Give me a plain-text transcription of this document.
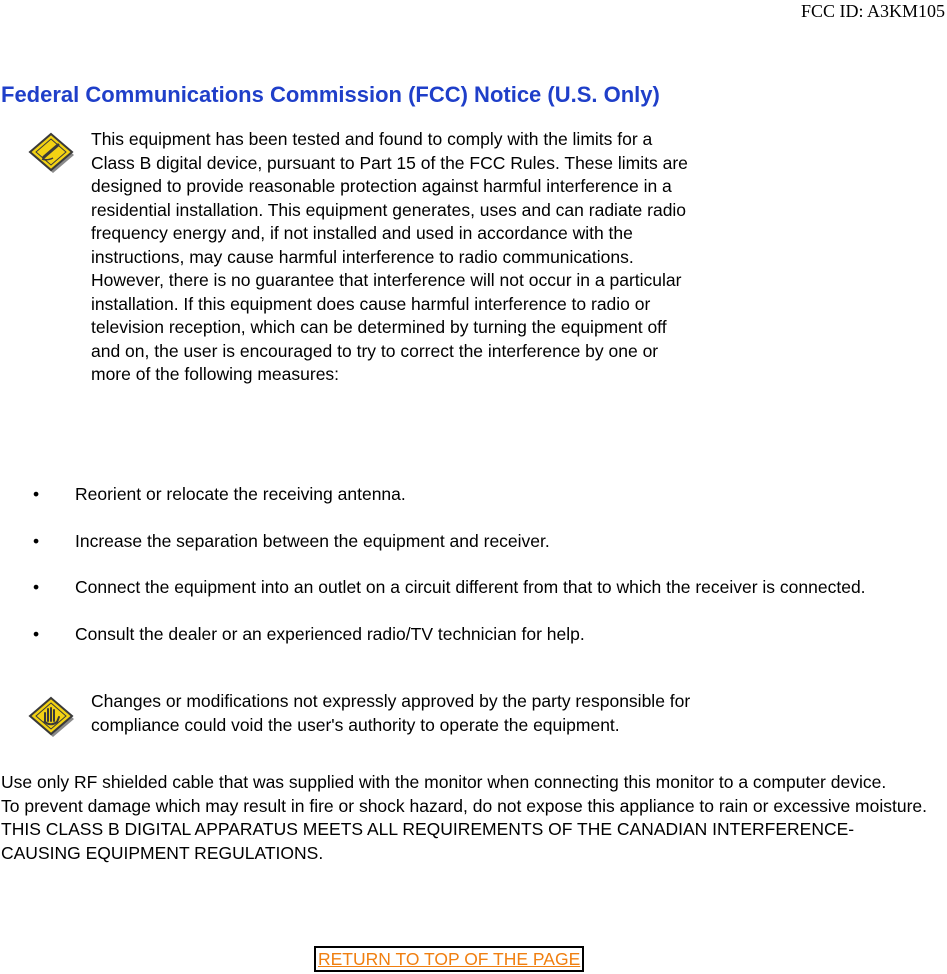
FCC ID: A3KM105
Federal Communications Commission (FCC) Notice (U.S. Only)

This equipment has been tested and found to comply with the limits for a Class B digital device, pursuant to Part 15 of the FCC Rules. These limits are designed to provide reasonable protection against harmful interference in a residential installation. This equipment generates, uses and can radiate radio frequency energy and, if not installed and used in accordance with the instructions, may cause harmful interference to radio communications. However, there is no guarantee that interference will not occur in a particular installation. If this equipment does cause harmful interference to radio or television reception, which can be determined by turning the equipment off and on, the user is encouraged to try to correct the interference by one or more of the following measures:

• Reorient or relocate the receiving antenna.
• Increase the separation between the equipment and receiver.
• Connect the equipment into an outlet on a circuit different from that to which the receiver is connected.
• Consult the dealer or an experienced radio/TV technician for help.

Changes or modifications not expressly approved by the party responsible for compliance could void the user's authority to operate the equipment.

Use only RF shielded cable that was supplied with the monitor when connecting this monitor to a computer device.
To prevent damage which may result in fire or shock hazard, do not expose this appliance to rain or excessive moisture.
THIS CLASS B DIGITAL APPARATUS MEETS ALL REQUIREMENTS OF THE CANADIAN INTERFERENCE-CAUSING EQUIPMENT REGULATIONS.
RETURN TO TOP OF THE PAGE
